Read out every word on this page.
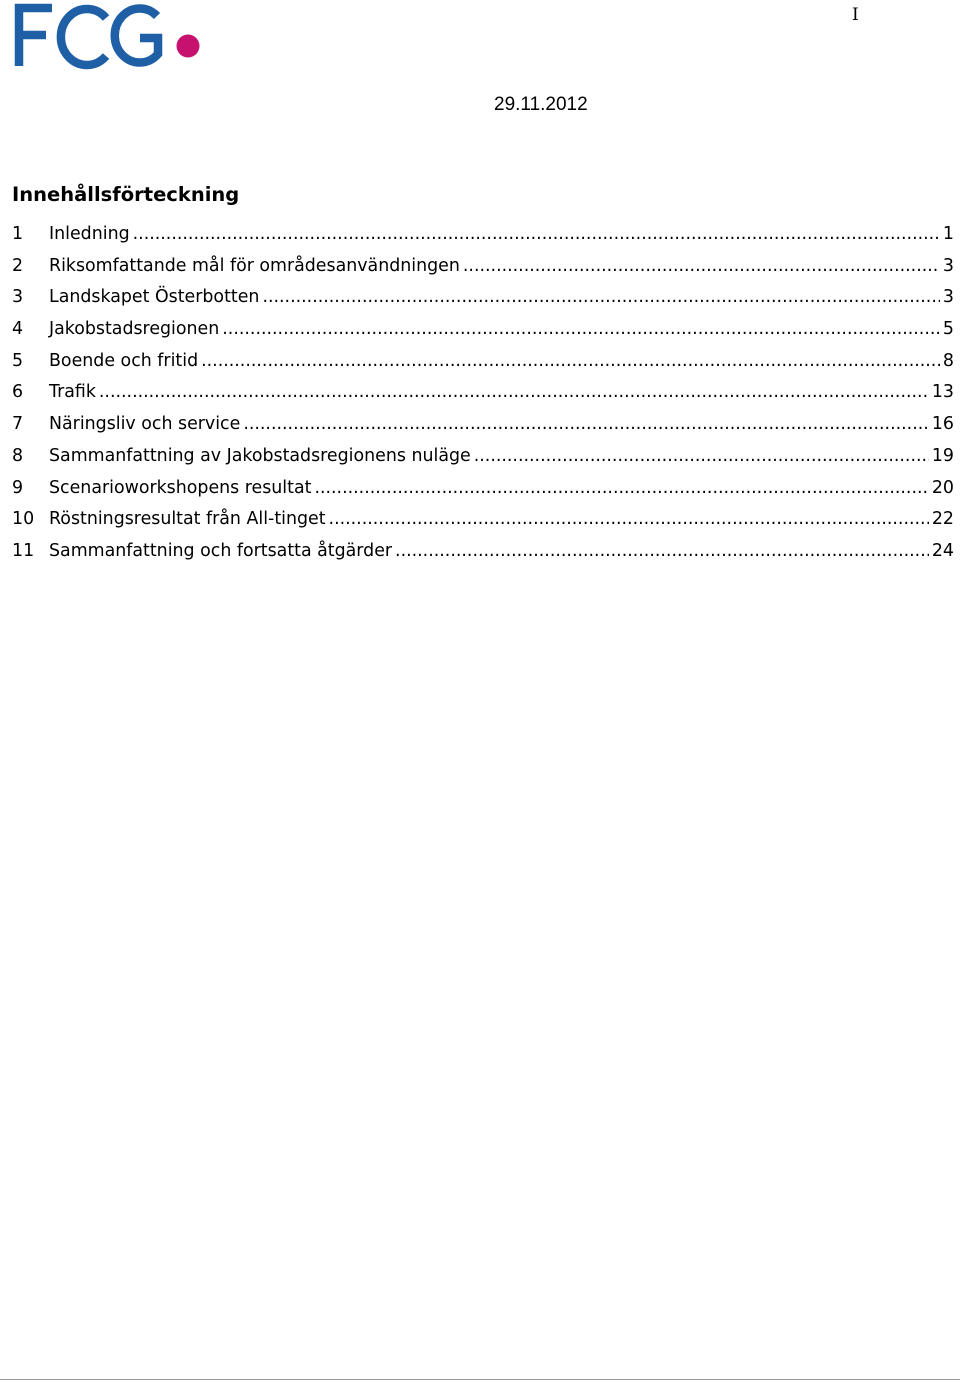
I
29.11.2012
Innehållsförteckning
1	Inledning .....	1
2	Riksomfattande mål för områdesanvändningen .....	3
3	Landskapet Österbotten .....	3
4	Jakobstadsregionen .....	5
5	Boende och fritid .....	8
6	Trafik .....	13
7	Näringsliv och service .....	16
8	Sammanfattning av Jakobstadsregionens nuläge .....	19
9	Scenarioworkshopens resultat .....	20
10 Röstningsresultat från All-tinget .....	22
11 Sammanfattning och fortsatta åtgärder .....	24
